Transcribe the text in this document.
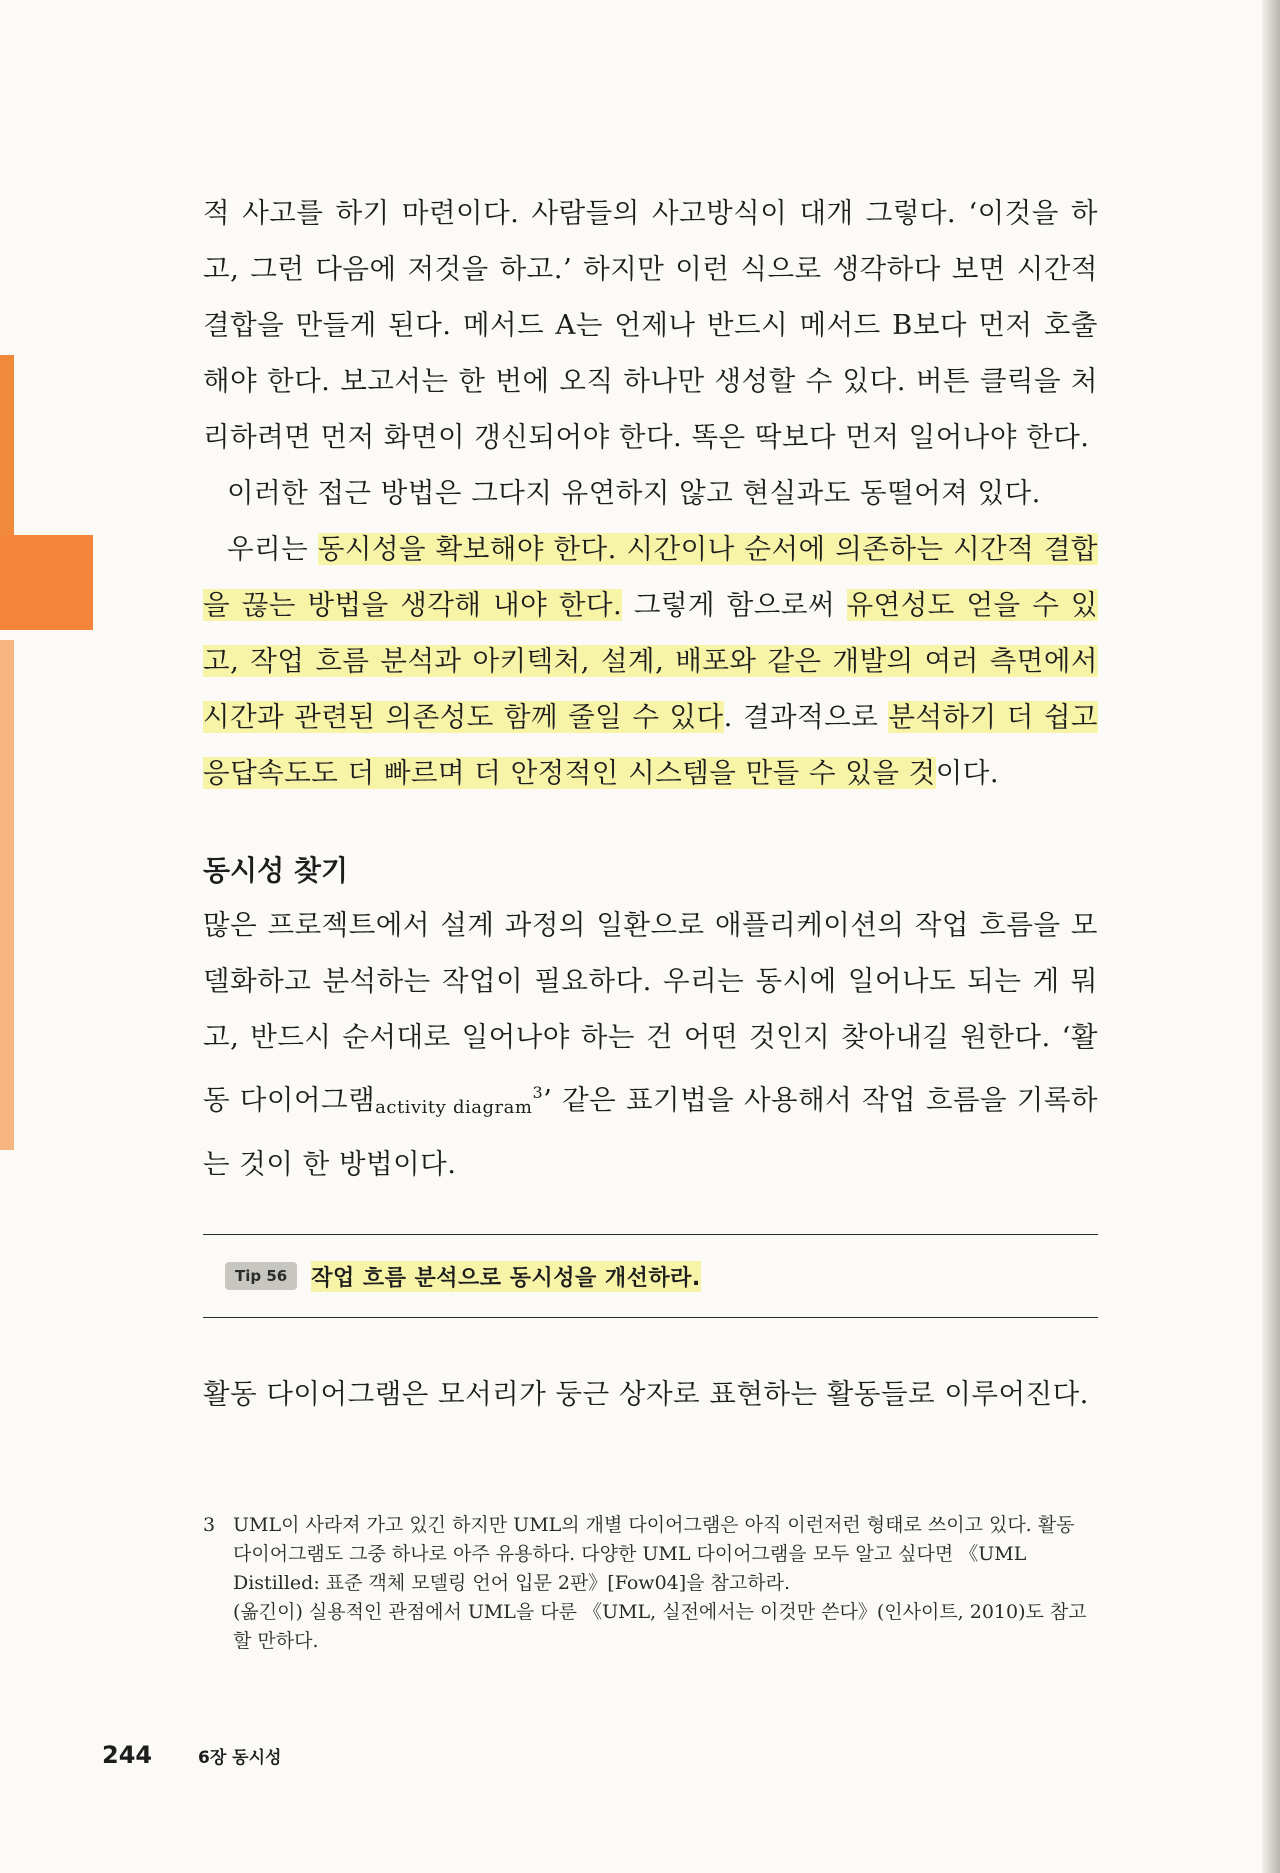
적 사고를 하기 마련이다. 사람들의 사고방식이 대개 그렇다. ‘이것을 하고, 그런 다음에 저것을 하고.’ 하지만 이런 식으로 생각하다 보면 시간적 결합을 만들게 된다. 메서드 A는 언제나 반드시 메서드 B보다 먼저 호출해야 한다. 보고서는 한 번에 오직 하나만 생성할 수 있다. 버튼 클릭을 처리하려면 먼저 화면이 갱신되어야 한다. 똑은 딱보다 먼저 일어나야 한다.

이러한 접근 방법은 그다지 유연하지 않고 현실과도 동떨어져 있다.

우리는 동시성을 확보해야 한다. 시간이나 순서에 의존하는 시간적 결합을 끊는 방법을 생각해 내야 한다. 그렇게 함으로써 유연성도 얻을 수 있고, 작업 흐름 분석과 아키텍처, 설계, 배포와 같은 개발의 여러 측면에서 시간과 관련된 의존성도 함께 줄일 수 있다. 결과적으로 분석하기 더 쉽고 응답속도도 더 빠르며 더 안정적인 시스템을 만들 수 있을 것이다.

동시성 찾기

많은 프로젝트에서 설계 과정의 일환으로 애플리케이션의 작업 흐름을 모델화하고 분석하는 작업이 필요하다. 우리는 동시에 일어나도 되는 게 뭐고, 반드시 순서대로 일어나야 하는 건 어떤 것인지 찾아내길 원한다. ‘활동 다이어그램$_{activity diagram}^3$’ 같은 표기법을 사용해서 작업 흐름을 기록하는 것이 한 방법이다.

Tip 56	작업 흐름 분석으로 동시성을 개선하라.

활동 다이어그램은 모서리가 둥근 상자로 표현하는 활동들로 이루어진다.

3 UML이 사라져 가고 있긴 하지만 UML의 개별 다이어그램은 아직 이런저런 형태로 쓰이고 있다. 활동 다이어그램도 그중 하나로 아주 유용하다. 다양한 UML 다이어그램을 모두 알고 싶다면 《UML Distilled: 표준 객체 모델링 언어 입문 2판》[Fow04]을 참고하라.

(옮긴이) 실용적인 관점에서 UML을 다룬 《UML, 실전에서는 이것만 쓴다》(인사이트, 2010)도 참고할 만하다.

244	6장 동시성
